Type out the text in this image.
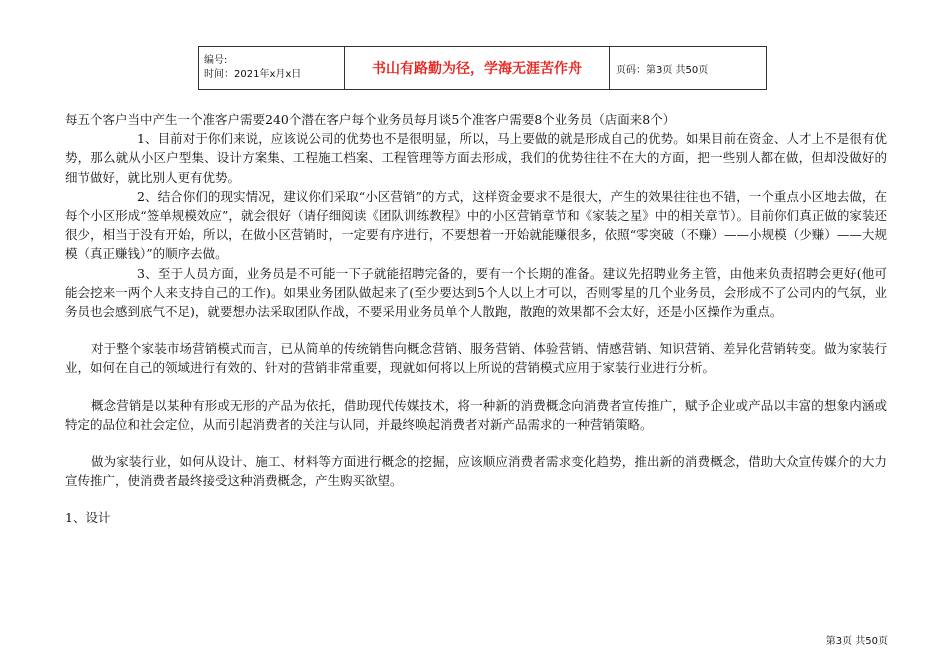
编号:
时间：2021年x月x日	书山有路勤为径，学海无涯苦作舟	页码：第3页 共50页

每五个客户当中产生一个准客户需要240个潜在客户每个业务员每月谈5个准客户需要8个业务员（店面来8个）

1、目前对于你们来说，应该说公司的优势也不是很明显，所以，马上要做的就是形成自己的优势。如果目前在资金、人才上不是很有优势，那么就从小区户型集、设计方案集、工程施工档案、工程管理等方面去形成，我们的优势往往不在大的方面，把一些别人都在做，但却没做好的细节做好，就比别人更有优势。

2、结合你们的现实情况，建议你们采取“小区营销”的方式，这样资金要求不是很大，产生的效果往往也不错，一个重点小区地去做，在每个小区形成“签单规模效应”，就会很好（请仔细阅读《团队训练教程》中的小区营销章节和《家装之星》中的相关章节）。目前你们真正做的家装还很少，相当于没有开始，所以，在做小区营销时，一定要有序进行，不要想着一开始就能赚很多，依照“零突破（不赚）——小规模（少赚）——大规模（真正赚钱）”的顺序去做。

3、至于人员方面，业务员是不可能一下子就能招聘完备的，要有一个长期的准备。建议先招聘业务主管，由他来负责招聘会更好(他可能会挖来一两个人来支持自己的工作)。如果业务团队做起来了(至少要达到5个人以上才可以，否则零星的几个业务员，会形成不了公司内的气氛，业务员也会感到底气不足)，就要想办法采取团队作战，不要采用业务员单个人散跑，散跑的效果都不会太好，还是小区操作为重点。

对于整个家装市场营销模式而言，已从简单的传统销售向概念营销、服务营销、体验营销、情感营销、知识营销、差异化营销转变。做为家装行业，如何在自己的领域进行有效的、针对的营销非常重要，现就如何将以上所说的营销模式应用于家装行业进行分析。

概念营销是以某种有形或无形的产品为依托，借助现代传媒技术，将一种新的消费概念向消费者宣传推广，赋予企业或产品以丰富的想象内涵或特定的品位和社会定位，从而引起消费者的关注与认同，并最终唤起消费者对新产品需求的一种营销策略。

做为家装行业，如何从设计、施工、材料等方面进行概念的挖掘，应该顺应消费者需求变化趋势，推出新的消费概念，借助大众宣传媒介的大力宣传推广，使消费者最终接受这种消费概念，产生购买欲望。

1、设计

第3页 共50页
